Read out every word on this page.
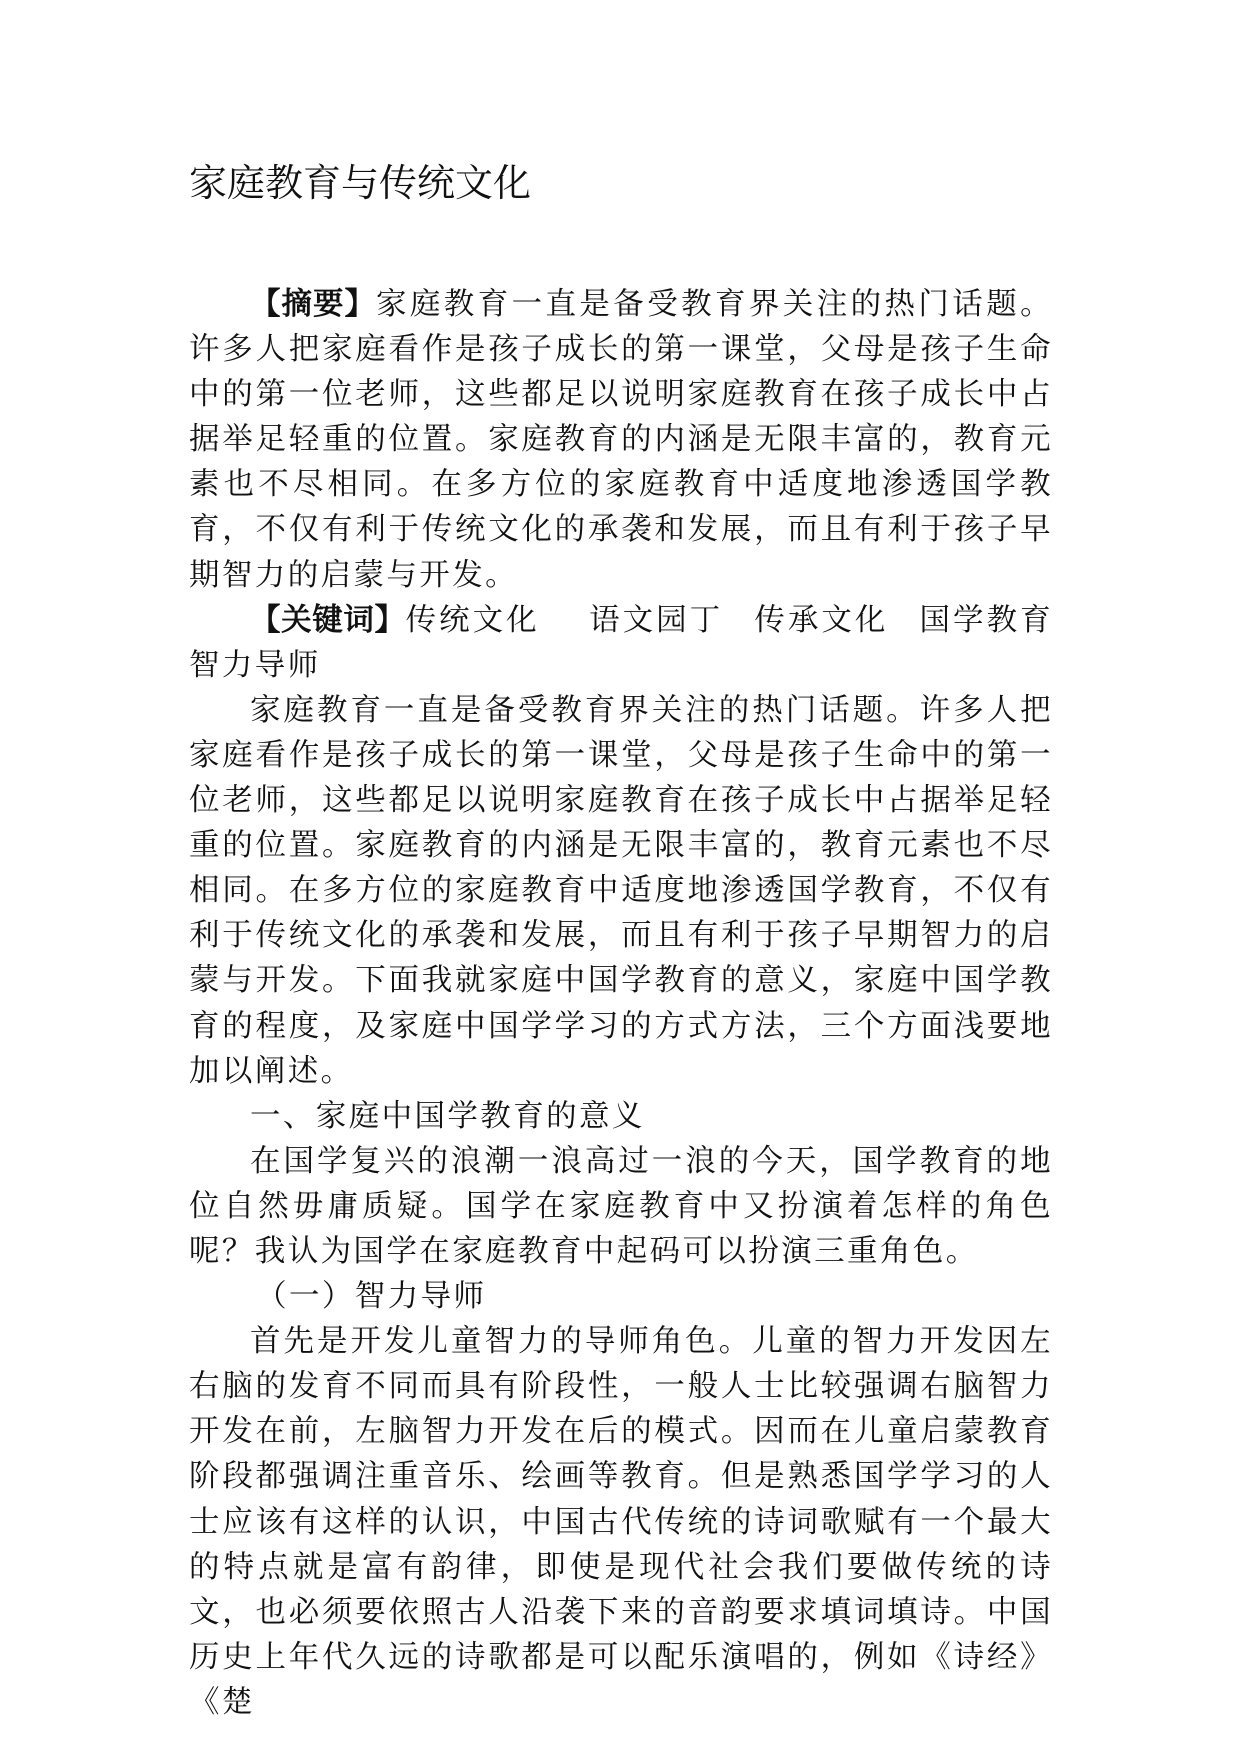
家庭教育与传统文化

【摘要】家庭教育一直是备受教育界关注的热门话题。许多人把家庭看作是孩子成长的第一课堂，父母是孩子生命中的第一位老师，这些都足以说明家庭教育在孩子成长中占据举足轻重的位置。家庭教育的内涵是无限丰富的，教育元素也不尽相同。在多方位的家庭教育中适度地渗透国学教育，不仅有利于传统文化的承袭和发展，而且有利于孩子早期智力的启蒙与开发。

【关键词】传统文化 语文园丁 传承文化 国学教育 智力导师

家庭教育一直是备受教育界关注的热门话题。许多人把家庭看作是孩子成长的第一课堂，父母是孩子生命中的第一位老师，这些都足以说明家庭教育在孩子成长中占据举足轻重的位置。家庭教育的内涵是无限丰富的，教育元素也不尽相同。在多方位的家庭教育中适度地渗透国学教育，不仅有利于传统文化的承袭和发展，而且有利于孩子早期智力的启蒙与开发。下面我就家庭中国学教育的意义，家庭中国学教育的程度，及家庭中国学学习的方式方法，三个方面浅要地加以阐述。

一、家庭中国学教育的意义

在国学复兴的浪潮一浪高过一浪的今天，国学教育的地位自然毋庸质疑。国学在家庭教育中又扮演着怎样的角色呢？我认为国学在家庭教育中起码可以扮演三重角色。

（一）智力导师

首先是开发儿童智力的导师角色。儿童的智力开发因左右脑的发育不同而具有阶段性，一般人士比较强调右脑智力开发在前，左脑智力开发在后的模式。因而在儿童启蒙教育阶段都强调注重音乐、绘画等教育。但是熟悉国学学习的人士应该有这样的认识，中国古代传统的诗词歌赋有一个最大的特点就是富有韵律，即使是现代社会我们要做传统的诗文，也必须要依照古人沿袭下来的音韵要求填词填诗。中国历史上年代久远的诗歌都是可以配乐演唱的，例如《诗经》《楚
